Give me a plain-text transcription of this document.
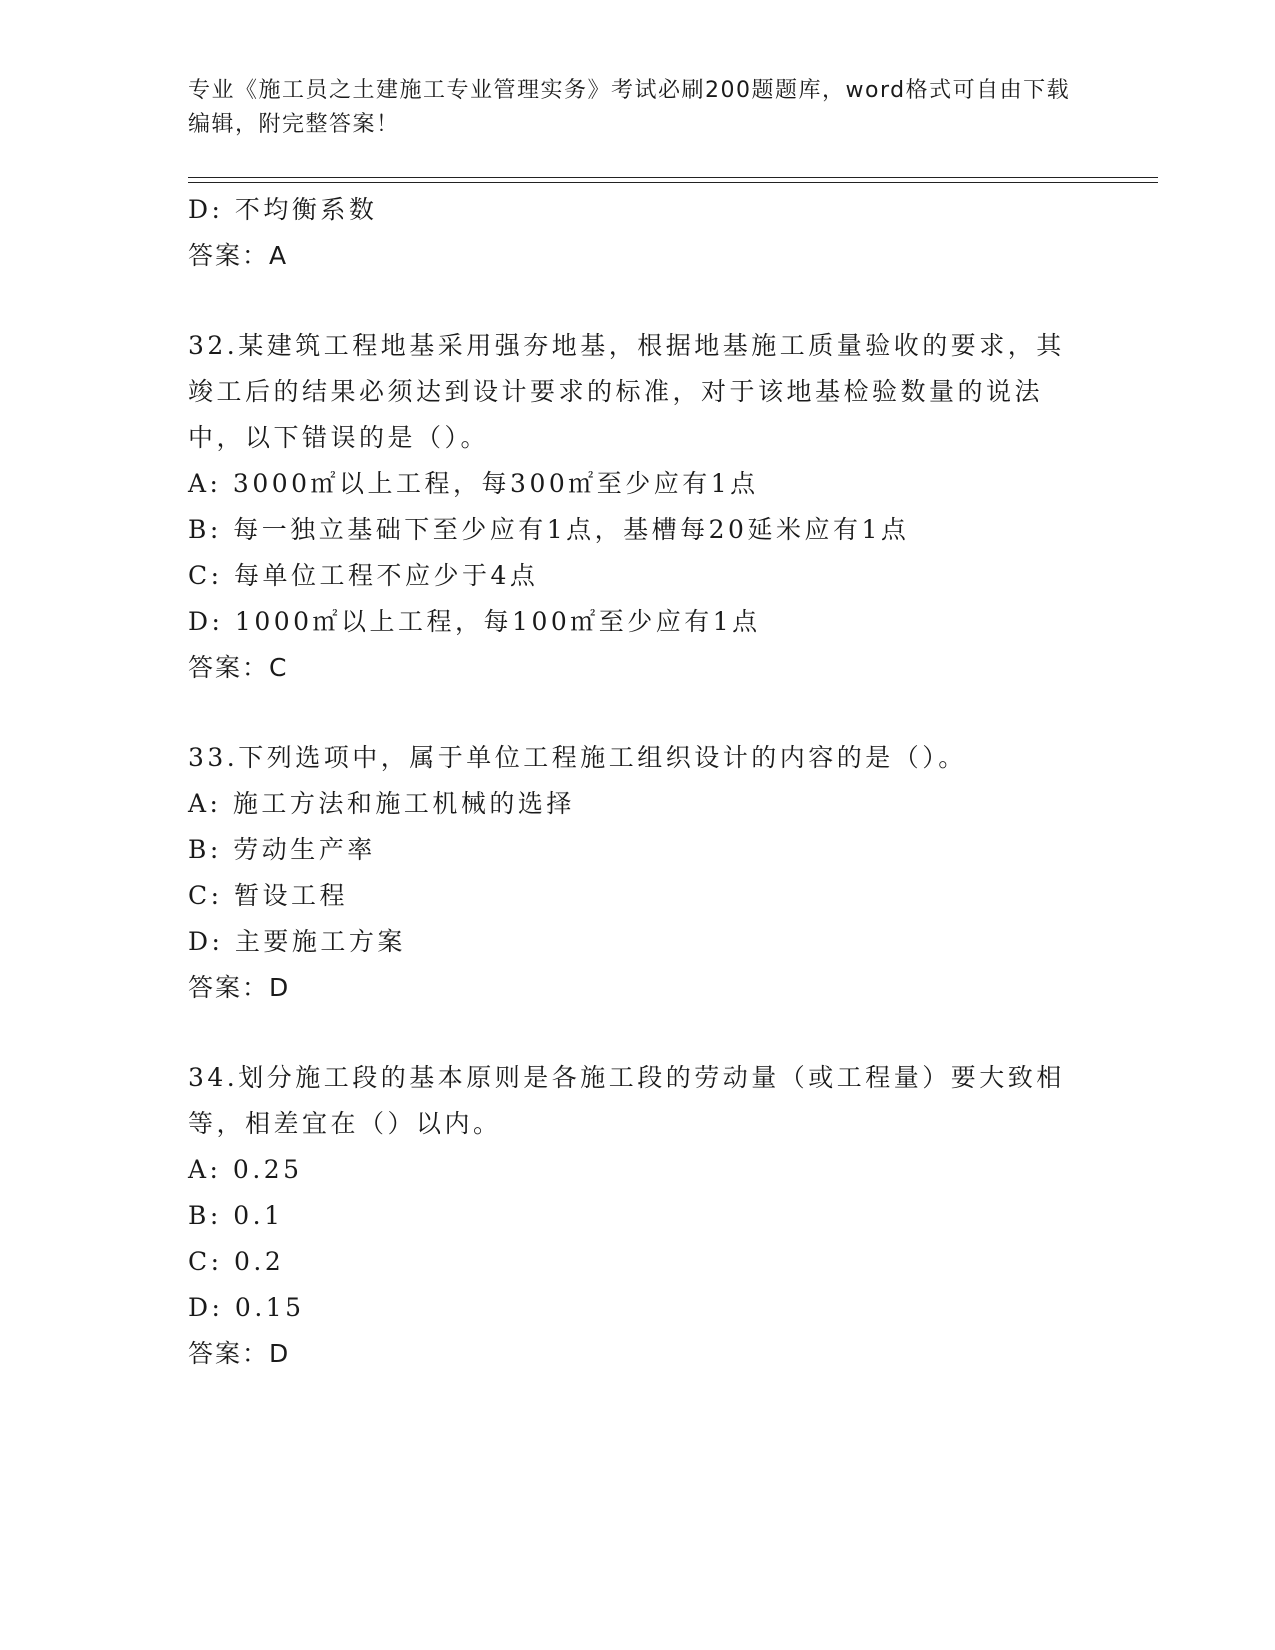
专业《施工员之土建施工专业管理实务》考试必刷200题题库，word格式可自由下载编辑，附完整答案！
D: 不均衡系数
答案：A
32.某建筑工程地基采用强夯地基，根据地基施工质量验收的要求，其竣工后的结果必须达到设计要求的标准，对于该地基检验数量的说法中，以下错误的是（）。
A: 3000㎡以上工程，每300㎡至少应有1点
B: 每一独立基础下至少应有1点，基槽每20延米应有1点
C: 每单位工程不应少于4点
D: 1000㎡以上工程，每100㎡至少应有1点
答案：C
33.下列选项中，属于单位工程施工组织设计的内容的是（）。
A: 施工方法和施工机械的选择
B: 劳动生产率
C: 暂设工程
D: 主要施工方案
答案：D
34.划分施工段的基本原则是各施工段的劳动量（或工程量）要大致相等，相差宜在（）以内。
A: 0.25
B: 0.1
C: 0.2
D: 0.15
答案：D
